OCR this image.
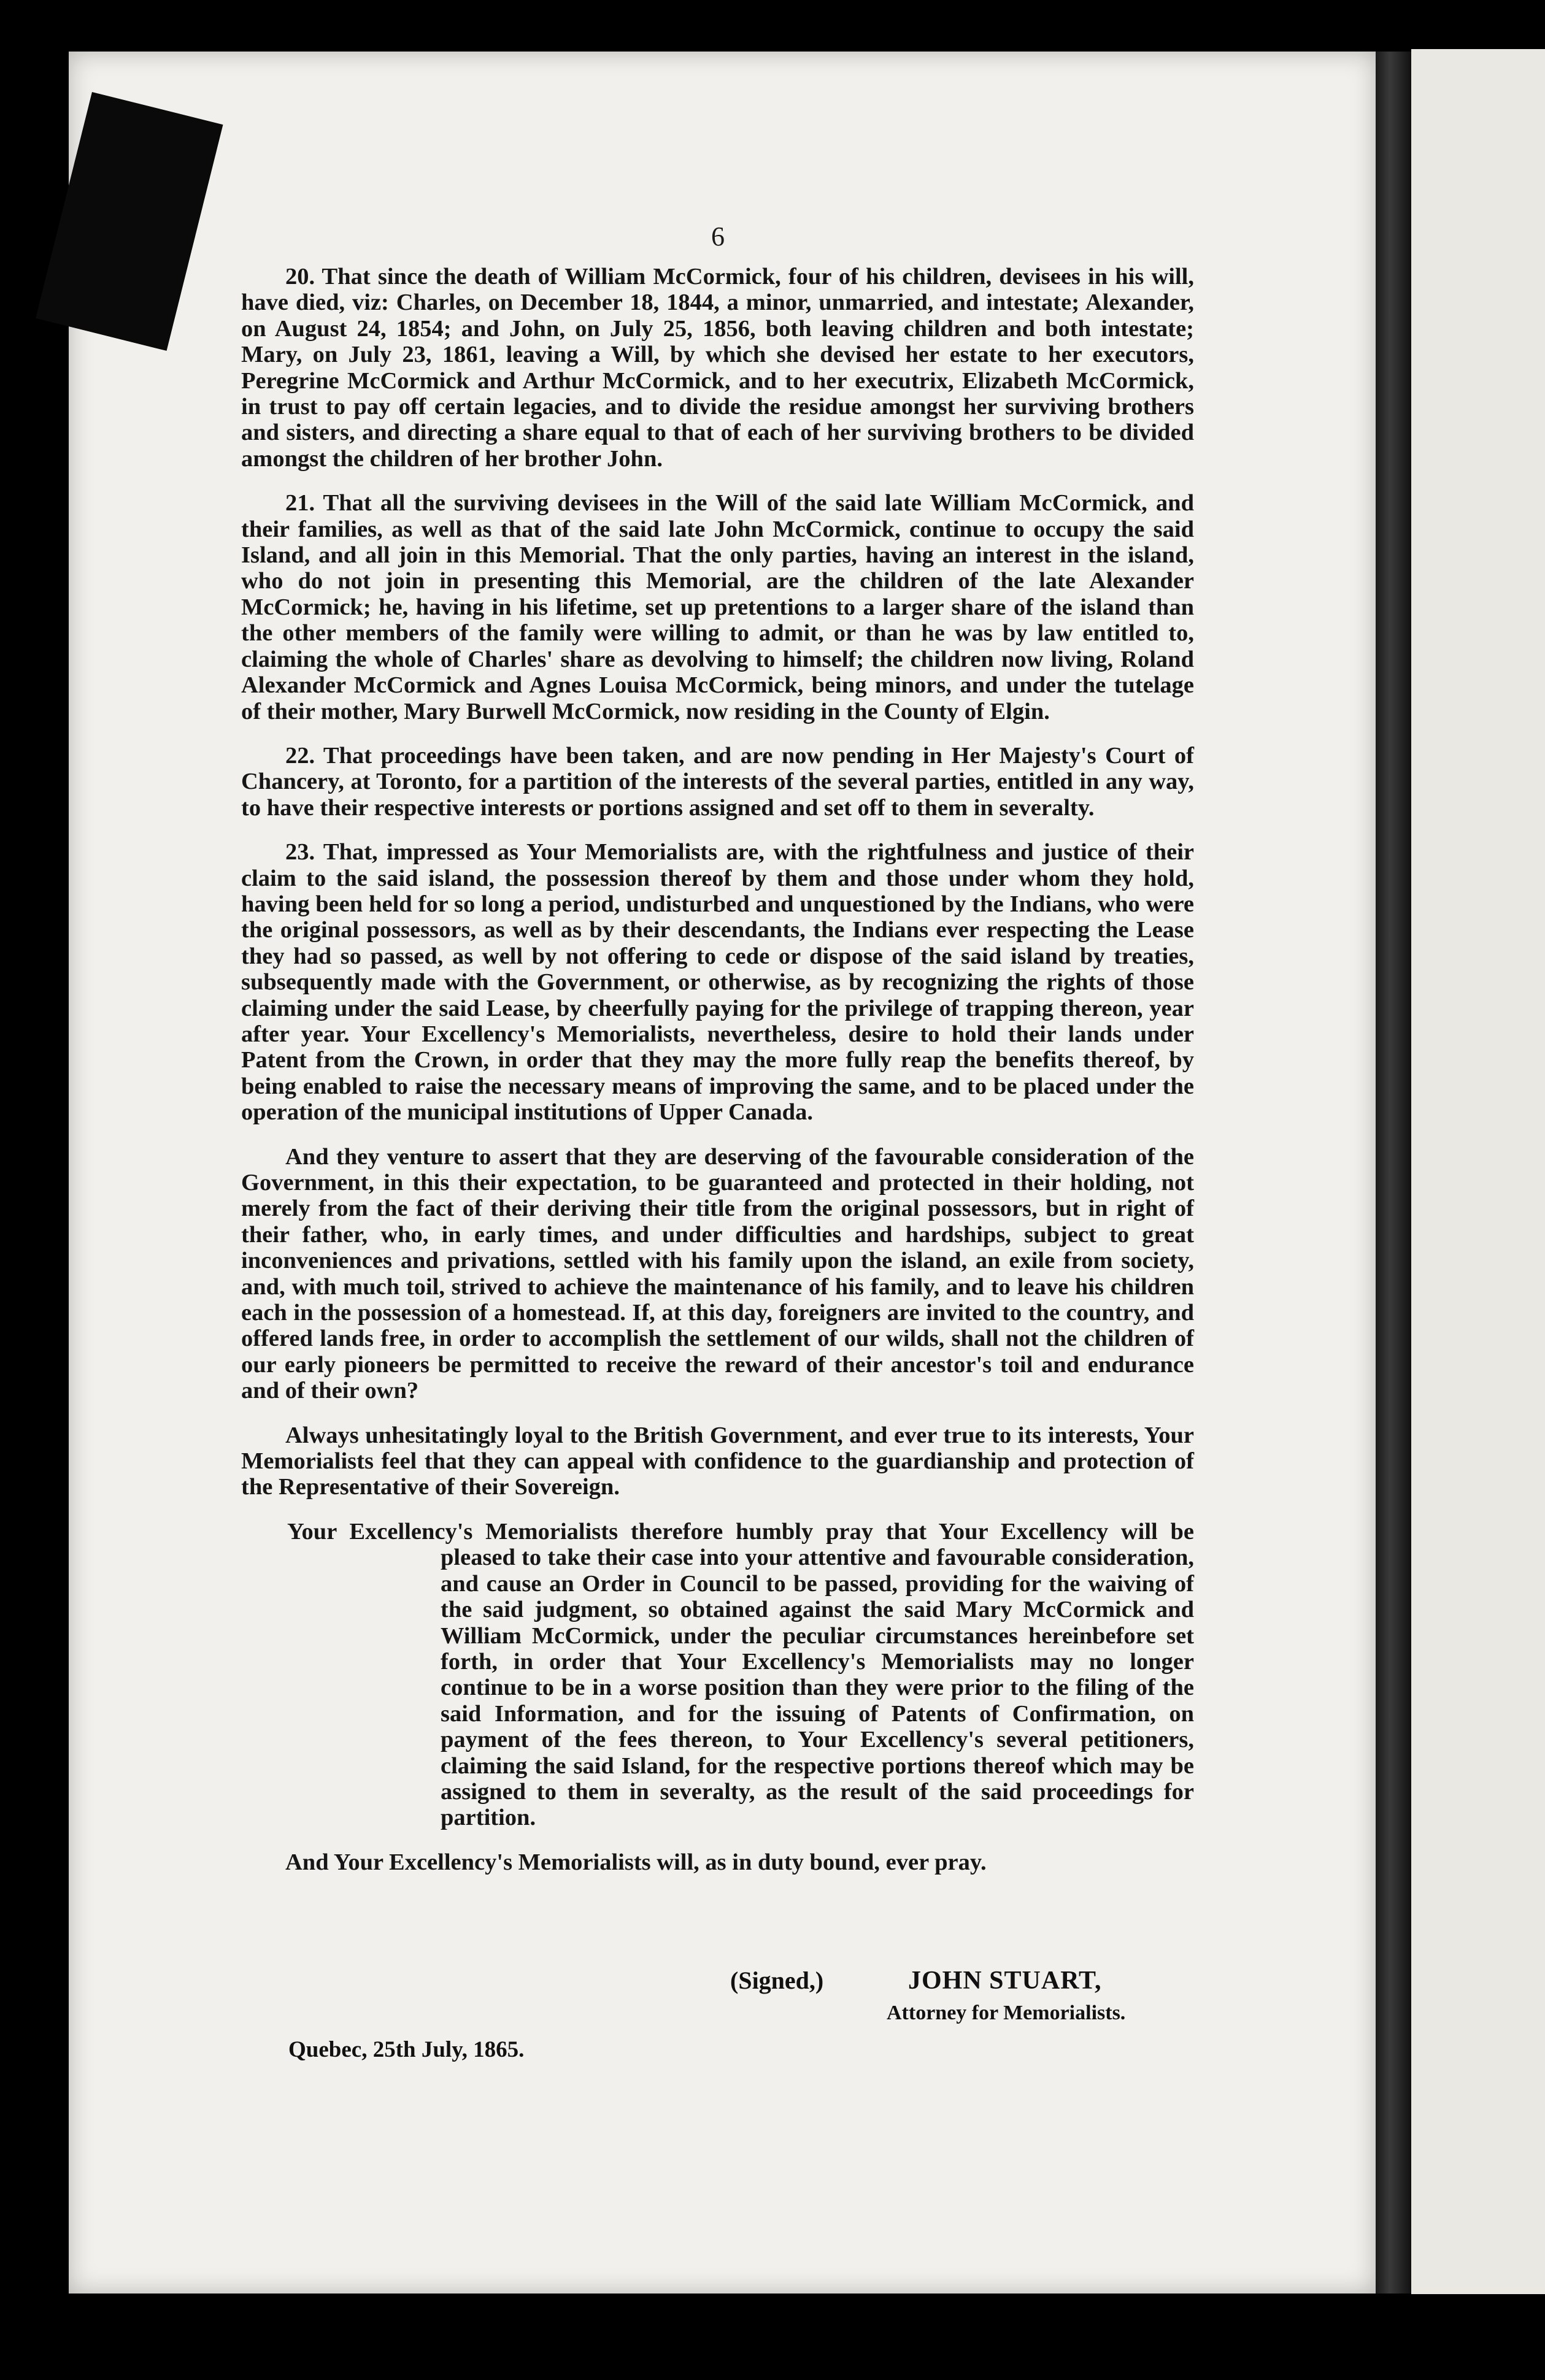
6

20. That since the death of William McCormick, four of his children, devisees in his will, have died, viz: Charles, on December 18, 1844, a minor, unmarried, and intestate; Alexander, on August 24, 1854; and John, on July 25, 1856, both leaving children and both intestate; Mary, on July 23, 1861, leaving a Will, by which she devised her estate to her executors, Peregrine McCormick and Arthur McCormick, and to her executrix, Elizabeth McCormick, in trust to pay off certain legacies, and to divide the residue amongst her surviving brothers and sisters, and directing a share equal to that of each of her surviving brothers to be divided amongst the children of her brother John.

21. That all the surviving devisees in the Will of the said late William McCormick, and their families, as well as that of the said late John McCormick, continue to occupy the said Island, and all join in this Memorial. That the only parties, having an interest in the island, who do not join in presenting this Memorial, are the children of the late Alexander McCormick; he, having in his lifetime, set up pretentions to a larger share of the island than the other members of the family were willing to admit, or than he was by law entitled to, claiming the whole of Charles' share as devolving to himself; the children now living, Roland Alexander McCormick and Agnes Louisa McCormick, being minors, and under the tutelage of their mother, Mary Burwell McCormick, now residing in the County of Elgin.

22. That proceedings have been taken, and are now pending in Her Majesty's Court of Chancery, at Toronto, for a partition of the interests of the several parties, entitled in any way, to have their respective interests or portions assigned and set off to them in severalty.

23. That, impressed as Your Memorialists are, with the rightfulness and justice of their claim to the said island, the possession thereof by them and those under whom they hold, having been held for so long a period, undisturbed and unquestioned by the Indians, who were the original possessors, as well as by their descendants, the Indians ever respecting the Lease they had so passed, as well by not offering to cede or dispose of the said island by treaties, subsequently made with the Government, or otherwise, as by recognizing the rights of those claiming under the said Lease, by cheerfully paying for the privilege of trapping thereon, year after year. Your Excellency's Memorialists, nevertheless, desire to hold their lands under Patent from the Crown, in order that they may the more fully reap the benefits thereof, by being enabled to raise the necessary means of improving the same, and to be placed under the operation of the municipal institutions of Upper Canada.

And they venture to assert that they are deserving of the favourable consideration of the Government, in this their expectation, to be guaranteed and protected in their holding, not merely from the fact of their deriving their title from the original possessors, but in right of their father, who, in early times, and under difficulties and hardships, subject to great inconveniences and privations, settled with his family upon the island, an exile from society, and, with much toil, strived to achieve the maintenance of his family, and to leave his children each in the possession of a homestead. If, at this day, foreigners are invited to the country, and offered lands free, in order to accomplish the settlement of our wilds, shall not the children of our early pioneers be permitted to receive the reward of their ancestor's toil and endurance and of their own?

Always unhesitatingly loyal to the British Government, and ever true to its interests, Your Memorialists feel that they can appeal with confidence to the guardianship and protection of the Representative of their Sovereign.

Your Excellency's Memorialists therefore humbly pray that Your Excellency will be pleased to take their case into your attentive and favourable consideration, and cause an Order in Council to be passed, providing for the waiving of the said judgment, so obtained against the said Mary McCormick and William McCormick, under the peculiar circumstances hereinbefore set forth, in order that Your Excellency's Memorialists may no longer continue to be in a worse position than they were prior to the filing of the said Information, and for the issuing of Patents of Confirmation, on payment of the fees thereon, to Your Excellency's several petitioners, claiming the said Island, for the respective portions thereof which may be assigned to them in severalty, as the result of the said proceedings for partition.
And Your Excellency's Memorialists will, as in duty bound, ever pray.
(Signed,)	JOHN STUART,
Attorney for Memorialists.
Quebec, 25th July, 1865.
